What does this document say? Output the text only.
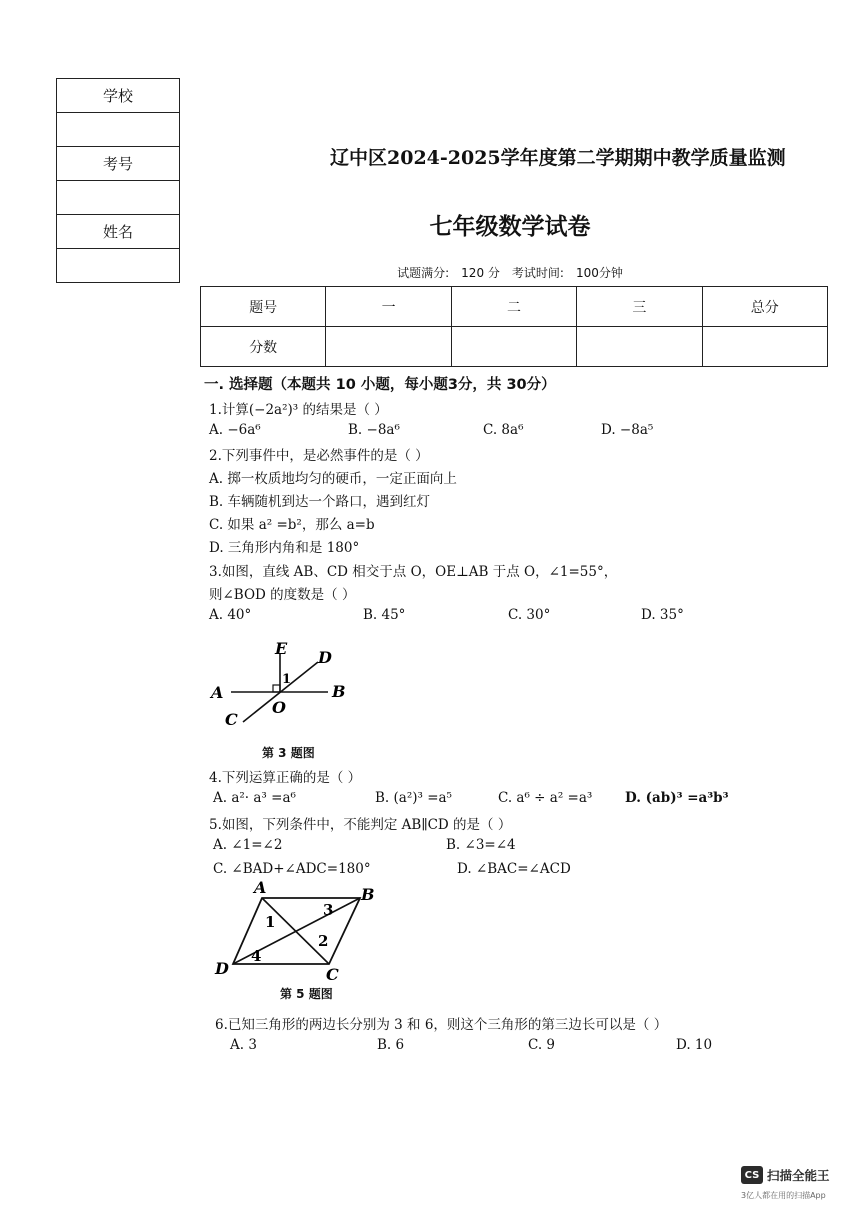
学校
考号
姓名
辽中区2024-2025学年度第二学期期中教学质量监测
七年级数学试卷
试题满分: 120 分 考试时间: 100分钟
题号	一	二	三	总分
分数				
一. 选择题（本题共 10 小题，每小题3分，共 30分）
1.计算(−2a²)³ 的结果是（ ）
A. −6a⁶	B. −8a⁶	C. 8a⁶	D. −8a⁵
2.下列事件中，是必然事件的是（ ）
A. 掷一枚质地均匀的硬币，一定正面向上
B. 车辆随机到达一个路口，遇到红灯
C. 如果 a² =b²，那么 a=b
D. 三角形内角和是 180°
3.如图，直线 AB、CD 相交于点 O，OE⊥AB 于点 O，∠1=55°，
则∠BOD 的度数是（ ）
A. 40°	B. 45°	C. 30°	D. 35°
E D
A	B
O
C
1
第 3 题图
4.下列运算正确的是（ ）
A. a²· a³ =a⁶	B. (a²)³ =a⁵	C. a⁶ ÷ a² =a³ D. (ab)³ =a³b³
5.如图，下列条件中，不能判定 AB∥CD 的是（ ）
A. ∠1=∠2	B. ∠3=∠4
C. ∠BAD+∠ADC=180°	D. ∠BAC=∠ACD
A	B
C
D
1
2
3
4
第 5 题图
6.已知三角形的两边长分别为 3 和 6，则这个三角形的第三边长可以是（ ）
A. 3	B. 6	C. 9	D. 10
CS 扫描全能王
3亿人都在用的扫描App
